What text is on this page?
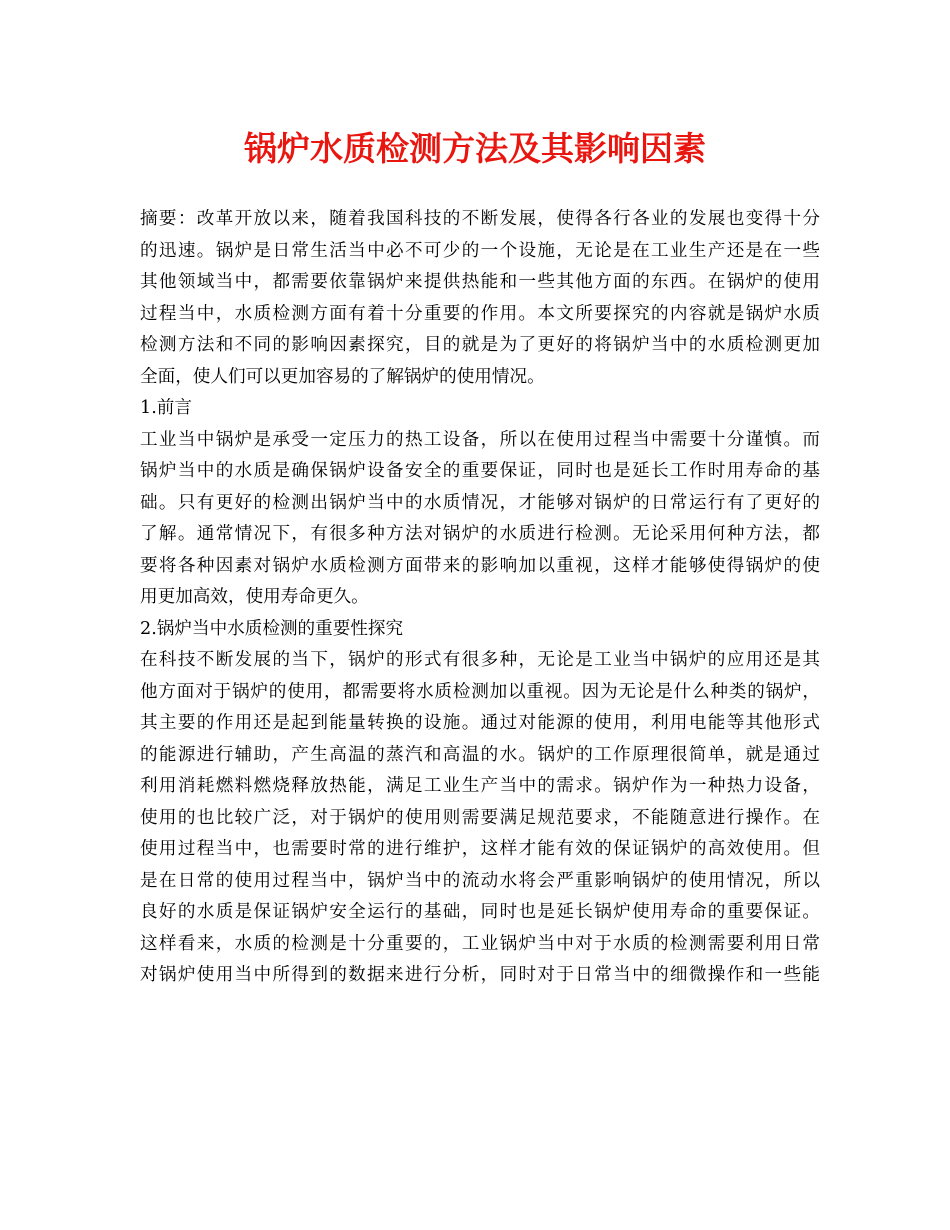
锅炉水质检测方法及其影响因素

摘要：改革开放以来，随着我国科技的不断发展，使得各行各业的发展也变得十分

的迅速。锅炉是日常生活当中必不可少的一个设施，无论是在工业生产还是在一些

其他领域当中，都需要依靠锅炉来提供热能和一些其他方面的东西。在锅炉的使用

过程当中，水质检测方面有着十分重要的作用。本文所要探究的内容就是锅炉水质

检测方法和不同的影响因素探究，目的就是为了更好的将锅炉当中的水质检测更加

全面，使人们可以更加容易的了解锅炉的使用情况。

1.前言

工业当中锅炉是承受一定压力的热工设备，所以在使用过程当中需要十分谨慎。而

锅炉当中的水质是确保锅炉设备安全的重要保证，同时也是延长工作时用寿命的基

础。只有更好的检测出锅炉当中的水质情况，才能够对锅炉的日常运行有了更好的

了解。通常情况下，有很多种方法对锅炉的水质进行检测。无论采用何种方法，都

要将各种因素对锅炉水质检测方面带来的影响加以重视，这样才能够使得锅炉的使

用更加高效，使用寿命更久。

2.锅炉当中水质检测的重要性探究

在科技不断发展的当下，锅炉的形式有很多种，无论是工业当中锅炉的应用还是其

他方面对于锅炉的使用，都需要将水质检测加以重视。因为无论是什么种类的锅炉，

其主要的作用还是起到能量转换的设施。通过对能源的使用，利用电能等其他形式

的能源进行辅助，产生高温的蒸汽和高温的水。锅炉的工作原理很简单，就是通过

利用消耗燃料燃烧释放热能，满足工业生产当中的需求。锅炉作为一种热力设备，

使用的也比较广泛，对于锅炉的使用则需要满足规范要求，不能随意进行操作。在

使用过程当中，也需要时常的进行维护，这样才能有效的保证锅炉的高效使用。但

是在日常的使用过程当中，锅炉当中的流动水将会严重影响锅炉的使用情况，所以

良好的水质是保证锅炉安全运行的基础，同时也是延长锅炉使用寿命的重要保证。

这样看来，水质的检测是十分重要的，工业锅炉当中对于水质的检测需要利用日常

对锅炉使用当中所得到的数据来进行分析，同时对于日常当中的细微操作和一些能
